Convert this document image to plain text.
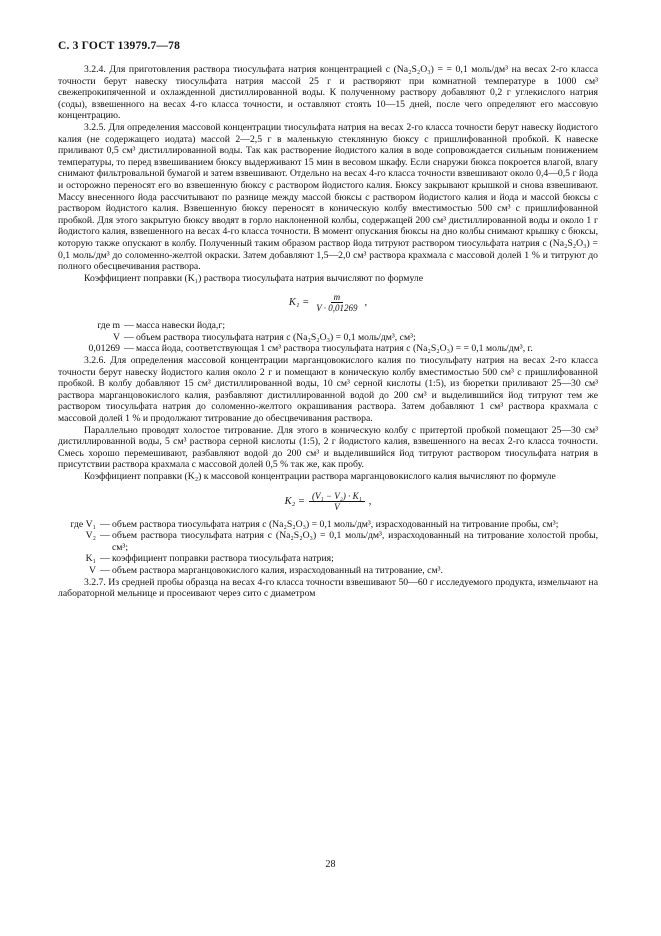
С. 3 ГОСТ 13979.7—78

3.2.4. Для приготовления раствора тиосульфата натрия концентрацией c (Na₂S₂O₃) = = 0,1 моль/дм³ на весах 2-го класса точности берут навеску тиосульфата натрия массой 25 г и растворяют при комнатной температуре в 1000 см³ свежепрокипяченной и охлажденной дистиллированной воды. К полученному раствору добавляют 0,2 г углекислого натрия (соды), взвешенного на весах 4-го класса точности, и оставляют стоять 10—15 дней, после чего определяют его массовую концентрацию.

3.2.5. Для определения массовой концентрации тиосульфата натрия на весах 2-го класса точности берут навеску йодистого калия (не содержащего иодата) массой 2—2,5 г в маленькую стеклянную бюксу с пришлифованной пробкой. К навеске приливают 0,5 см³ дистиллированной воды. Так как растворение йодистого калия в воде сопровождается сильным понижением температуры, то перед взвешиванием бюксу выдерживают 15 мин в весовом шкафу. Если снаружи бюкса покроется влагой, влагу снимают фильтровальной бумагой и затем взвешивают. Отдельно на весах 4-го класса точности взвешивают около 0,4—0,5 г йода и осторожно переносят его во взвешенную бюксу с раствором йодистого калия. Бюксу закрывают крышкой и снова взвешивают. Массу внесенного йода рассчитывают по разнице между массой бюксы с раствором йодистого калия и йода и массой бюксы с раствором йодистого калия. Взвешенную бюксу переносят в коническую колбу вместимостью 500 см³ с пришлифованной пробкой. Для этого закрытую бюксу вводят в горло наклоненной колбы, содержащей 200 см³ дистиллированной воды и около 1 г йодистого калия, взвешенного на весах 4-го класса точности. В момент опускания бюксы на дно колбы снимают крышку с бюксы, которую также опускают в колбу. Полученный таким образом раствор йода титруют раствором тиосульфата натрия c (Na₂S₂O₃) = 0,1 моль/дм³ до соломенно-желтой окраски. Затем добавляют 1,5—2,0 см³ раствора крахмала с массовой долей 1 % и титруют до полного обесцвечивания раствора.

Коэффициент поправки (K₁) раствора тиосульфата натрия вычисляют по формуле

$K_1 = \frac{m}{V \cdot 0,01269}$ ,
где m — масса навески йода,г;
V — объем раствора тиосульфата натрия c (Na₂S₂O₃) = 0,1 моль/дм³, см³;
0,01269 — масса йода, соответствующая 1 см³ раствора тиосульфата натрия c (Na₂S₂O₃) = = 0,1 моль/дм³, г.

3.2.6. Для определения массовой концентрации марганцовокислого калия по тиосульфату натрия на весах 2-го класса точности берут навеску йодистого калия около 2 г и помещают в коническую колбу вместимостью 500 см³ с пришлифованной пробкой. В колбу добавляют 15 см³ дистиллированной воды, 10 см³ серной кислоты (1:5), из бюретки приливают 25—30 см³ раствора марганцовокислого калия, разбавляют дистиллированной водой до 200 см³ и выделившийся йод титруют тем же раствором тиосульфата натрия до соломенно-желтого окрашивания раствора. Затем добавляют 1 см³ раствора крахмала с массовой долей 1 % и продолжают титрование до обесцвечивания раствора.

Параллельно проводят холостое титрование. Для этого в коническую колбу с притертой пробкой помещают 25—30 см³ дистиллированной воды, 5 см³ раствора серной кислоты (1:5), 2 г йодистого калия, взвешенного на весах 2-го класса точности. Смесь хорошо перемешивают, разбавляют водой до 200 см³ и выделившийся йод титруют раствором тиосульфата натрия в присутствии раствора крахмала с массовой долей 0,5 % так же, как пробу.

Коэффициент поправки (K₂) к массовой концентрации раствора марганцовокислого калия вычисляют по формуле

$K_2 = \frac{\text{(V₁ − V₂) · K₁}}{V}$ ,
где V₁ — объем раствора тиосульфата натрия c (Na₂S₂O₃) = 0,1 моль/дм³, израсходованный на титрование пробы, см³;
V₂ — объем раствора тиосульфата натрия c (Na₂S₂O₃) = 0,1 моль/дм³, израсходованный на титрование холостой пробы, см³;
K₁ — коэффициент поправки раствора тиосульфата натрия;
V — объем раствора марганцовокислого калия, израсходованный на титрование, см³.

3.2.7. Из средней пробы образца на весах 4-го класса точности взвешивают 50—60 г исследуемого продукта, измельчают на лабораторной мельнице и просеивают через сито с диаметром

28
